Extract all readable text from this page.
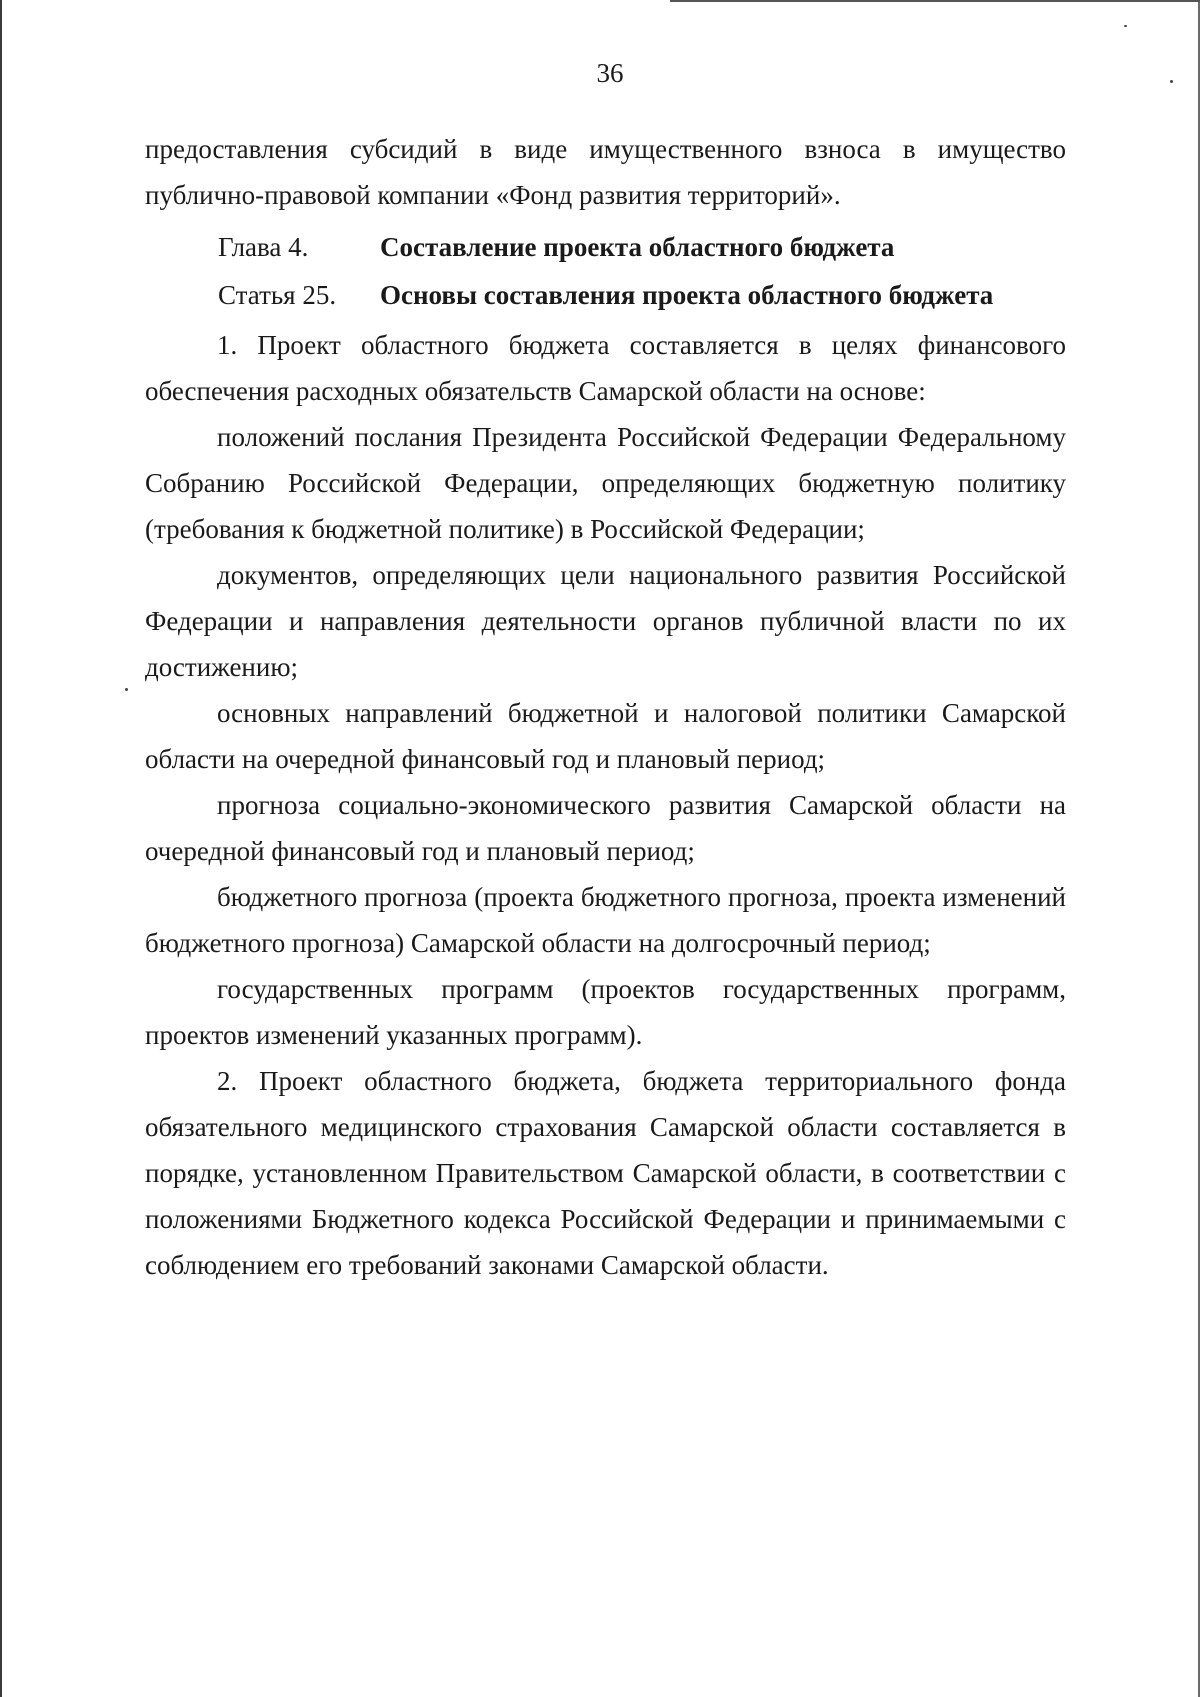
36

предоставления субсидий в виде имущественного взноса в имущество публично-правовой компании «Фонд развития территорий».

Глава 4.	Составление проекта областного бюджета

Статья 25.	Основы составления проекта областного бюджета

1. Проект областного бюджета составляется в целях финансового обеспечения расходных обязательств Самарской области на основе:

положений послания Президента Российской Федерации Федеральному Собранию Российской Федерации, определяющих бюджетную политику (требования к бюджетной политике) в Российской Федерации;

документов, определяющих цели национального развития Российской Федерации и направления деятельности органов публичной власти по их достижению;

основных направлений бюджетной и налоговой политики Самарской области на очередной финансовый год и плановый период;

прогноза социально-экономического развития Самарской области на очередной финансовый год и плановый период;

бюджетного прогноза (проекта бюджетного прогноза, проекта изменений бюджетного прогноза) Самарской области на долгосрочный период;

государственных программ (проектов государственных программ, проектов изменений указанных программ).

2. Проект областного бюджета, бюджета территориального фонда обязательного медицинского страхования Самарской области составляется в порядке, установленном Правительством Самарской области, в соответствии с положениями Бюджетного кодекса Российской Федерации и принимаемыми с соблюдением его требований законами Самарской области.
